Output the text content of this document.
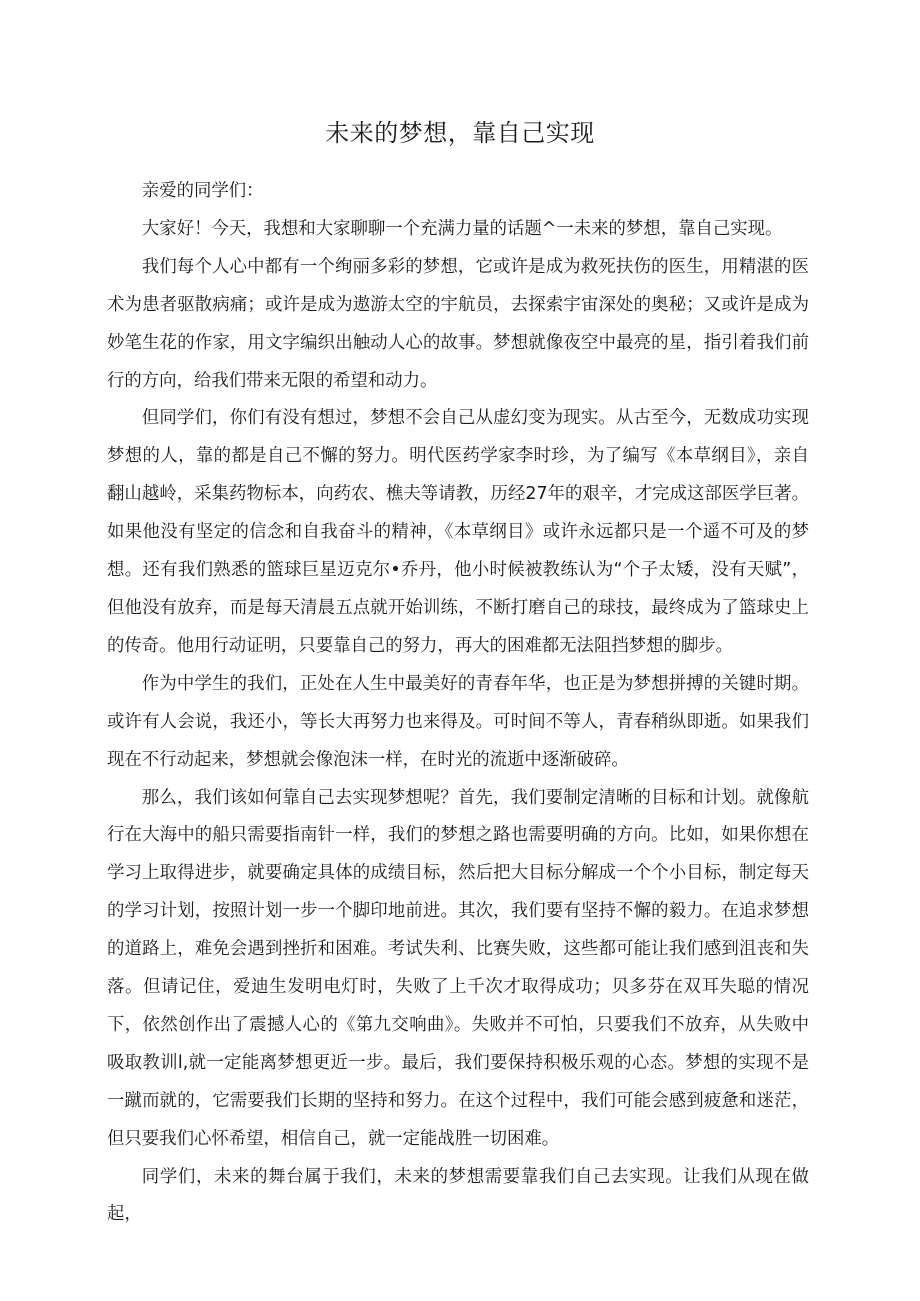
未来的梦想，靠自己实现

亲爱的同学们：

大家好！今天，我想和大家聊聊一个充满力量的话题^一未来的梦想，靠自己实现。

我们每个人心中都有一个绚丽多彩的梦想，它或许是成为救死扶伤的医生，用精湛的医术为患者驱散病痛；或许是成为遨游太空的宇航员，去探索宇宙深处的奥秘；又或许是成为妙笔生花的作家，用文字编织出触动人心的故事。梦想就像夜空中最亮的星，指引着我们前行的方向，给我们带来无限的希望和动力。

但同学们，你们有没有想过，梦想不会自己从虚幻变为现实。从古至今，无数成功实现梦想的人，靠的都是自己不懈的努力。明代医药学家李时珍，为了编写《本草纲目》，亲自翻山越岭，采集药物标本，向药农、樵夫等请教，历经27年的艰辛，才完成这部医学巨著。如果他没有坚定的信念和自我奋斗的精神，《本草纲目》或许永远都只是一个遥不可及的梦想。还有我们熟悉的篮球巨星迈克尔•乔丹，他小时候被教练认为“个子太矮，没有天赋”，但他没有放弃，而是每天清晨五点就开始训练，不断打磨自己的球技，最终成为了篮球史上的传奇。他用行动证明，只要靠自己的努力，再大的困难都无法阻挡梦想的脚步。

作为中学生的我们，正处在人生中最美好的青春年华，也正是为梦想拼搏的关键时期。或许有人会说，我还小，等长大再努力也来得及。可时间不等人，青春稍纵即逝。如果我们现在不行动起来，梦想就会像泡沫一样，在时光的流逝中逐渐破碎。

那么，我们该如何靠自己去实现梦想呢？首先，我们要制定清晰的目标和计划。就像航行在大海中的船只需要指南针一样，我们的梦想之路也需要明确的方向。比如，如果你想在学习上取得进步，就要确定具体的成绩目标，然后把大目标分解成一个个小目标，制定每天的学习计划，按照计划一步一个脚印地前进。其次，我们要有坚持不懈的毅力。在追求梦想的道路上，难免会遇到挫折和困难。考试失利、比赛失败，这些都可能让我们感到沮丧和失落。但请记住，爱迪生发明电灯时，失败了上千次才取得成功；贝多芬在双耳失聪的情况下，依然创作出了震撼人心的《第九交响曲》。失败并不可怕，只要我们不放弃，从失败中吸取教训l,就一定能离梦想更近一步。最后，我们要保持积极乐观的心态。梦想的实现不是一蹴而就的，它需要我们长期的坚持和努力。在这个过程中，我们可能会感到疲惫和迷茫，但只要我们心怀希望，相信自己，就一定能战胜一切困难。

同学们，未来的舞台属于我们，未来的梦想需要靠我们自己去实现。让我们从现在做起，
